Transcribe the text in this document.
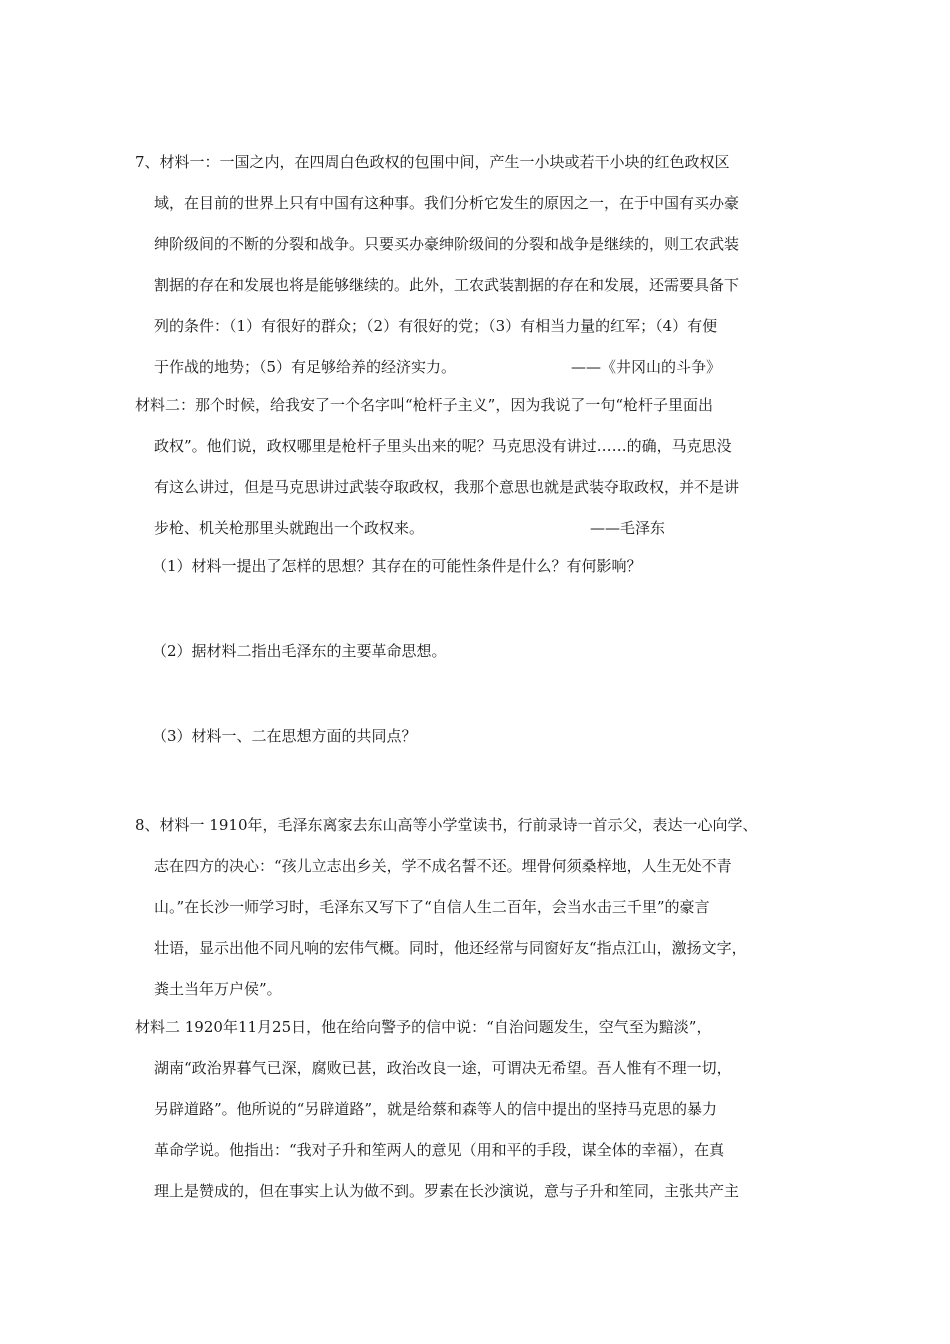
7、材料一：一国之内，在四周白色政权的包围中间，产生一小块或若干小块的红色政权区
域，在目前的世界上只有中国有这种事。我们分析它发生的原因之一，在于中国有买办豪
绅阶级间的不断的分裂和战争。只要买办豪绅阶级间的分裂和战争是继续的，则工农武装
割据的存在和发展也将是能够继续的。此外，工农武装割据的存在和发展，还需要具备下
列的条件：（1）有很好的群众；（2）有很好的党；（3）有相当力量的红军；（4）有便
于作战的地势；（5）有足够给养的经济实力。	——《井冈山的斗争》
材料二：那个时候，给我安了一个名字叫“枪杆子主义”，因为我说了一句“枪杆子里面出
政权”。他们说，政权哪里是枪杆子里头出来的呢？马克思没有讲过……的确，马克思没
有这么讲过，但是马克思讲过武装夺取政权，我那个意思也就是武装夺取政权，并不是讲
步枪、机关枪那里头就跑出一个政权来。	——毛泽东
（1）材料一提出了怎样的思想？其存在的可能性条件是什么？有何影响？
（2）据材料二指出毛泽东的主要革命思想。
（3）材料一、二在思想方面的共同点？
8、材料一 1910年，毛泽东离家去东山高等小学堂读书，行前录诗一首示父，表达一心向学、
志在四方的决心：“孩儿立志出乡关，学不成名誓不还。埋骨何须桑梓地，人生无处不青
山。”在长沙一师学习时，毛泽东又写下了“自信人生二百年，会当水击三千里”的豪言
壮语，显示出他不同凡响的宏伟气概。同时，他还经常与同窗好友“指点江山，激扬文字，
粪土当年万户侯”。
材料二 1920年11月25日，他在给向警予的信中说：“自治问题发生，空气至为黯淡”，
湖南“政治界暮气已深，腐败已甚，政治改良一途，可谓决无希望。吾人惟有不理一切，
另辟道路”。他所说的“另辟道路”，就是给蔡和森等人的信中提出的坚持马克思的暴力
革命学说。他指出：“我对子升和笙两人的意见（用和平的手段，谋全体的幸福），在真
理上是赞成的，但在事实上认为做不到。罗素在长沙演说，意与子升和笙同，主张共产主
